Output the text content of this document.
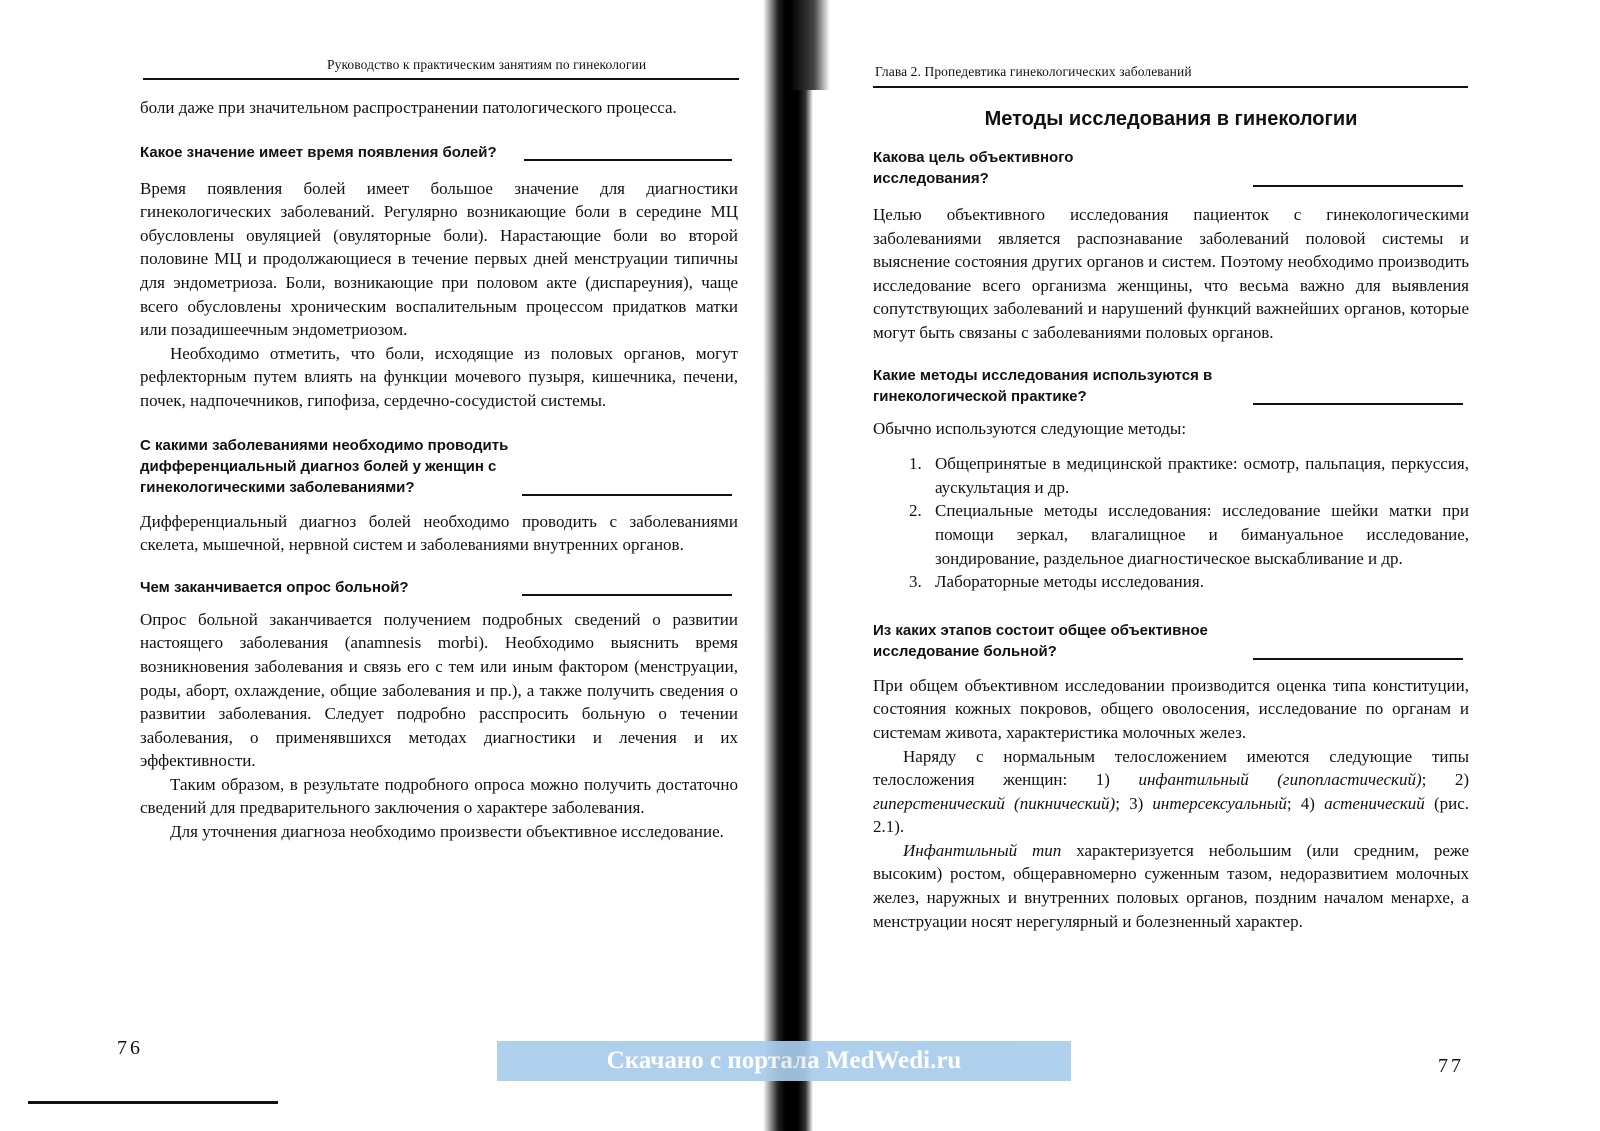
Руководство к практическим занятиям по гинекологии

боли даже при значительном распространении патологического процесса.

Какое значение имеет время появления болей?

Время появления болей имеет большое значение для диагностики гинекологических заболеваний. Регулярно возникающие боли в середине МЦ обусловлены овуляцией (овуляторные боли). Нарастающие боли во второй половине МЦ и продолжающиеся в течение первых дней менструации типичны для эндометриоза. Боли, возникающие при половом акте (диспареуния), чаще всего обусловлены хроническим воспалительным процессом придатков матки или позадишеечным эндометриозом.

Необходимо отметить, что боли, исходящие из половых органов, могут рефлекторным путем влиять на функции мочевого пузыря, кишечника, печени, почек, надпочечников, гипофиза, сердечно-сосудистой системы.

С какими заболеваниями необходимо проводить дифференциальный диагноз болей у женщин с гинекологическими заболеваниями?

Дифференциальный диагноз болей необходимо проводить с заболеваниями скелета, мышечной, нервной систем и заболеваниями внутренних органов.

Чем заканчивается опрос больной?

Опрос больной заканчивается получением подробных сведений о развитии настоящего заболевания (anamnesis morbi). Необходимо выяснить время возникновения заболевания и связь его с тем или иным фактором (менструации, роды, аборт, охлаждение, общие заболевания и пр.), а также получить сведения о развитии заболевания. Следует подробно расспросить больную о течении заболевания, о применявшихся методах диагностики и лечения и их эффективности.

Таким образом, в результате подробного опроса можно получить достаточно сведений для предварительного заключения о характере заболевания.

Для уточнения диагноза необходимо произвести объективное исследование.

76
Глава 2. Пропедевтика гинекологических заболеваний
Методы исследования в гинекологии
Какова цель объективного исследования?

Целью объективного исследования пациенток с гинекологическими заболеваниями является распознавание заболеваний половой системы и выяснение состояния других органов и систем. Поэтому необходимо производить исследование всего организма женщины, что весьма важно для выявления сопутствующих заболеваний и нарушений функций важнейших органов, которые могут быть связаны с заболеваниями половых органов.

Какие методы исследования используются в гинекологической практике?

Обычно используются следующие методы:

1. Общепринятые в медицинской практике: осмотр, пальпация, перкуссия, аускультация и др.
2. Специальные методы исследования: исследование шейки матки при помощи зеркал, влагалищное и бимануальное исследование, зондирование, раздельное диагностическое выскабливание и др.
3. Лабораторные методы исследования.
Из каких этапов состоит общее объективное исследование больной?

При общем объективном исследовании производится оценка типа конституции, состояния кожных покровов, общего оволосения, исследование по органам и системам живота, характеристика молочных желез.

Наряду с нормальным телосложением имеются следующие типы телосложения женщин: 1) инфантильный (гипопластический); 2) гиперстенический (пикнический); 3) интерсексуальный; 4) астенический (рис. 2.1).

Инфантильный тип характеризуется небольшим (или средним, реже высоким) ростом, общеравномерно суженным тазом, недоразвитием молочных желез, наружных и внутренних половых органов, поздним началом менархе, а менструации носят нерегулярный и болезненный характер.

77
Скачано с портала MedWedi.ru
